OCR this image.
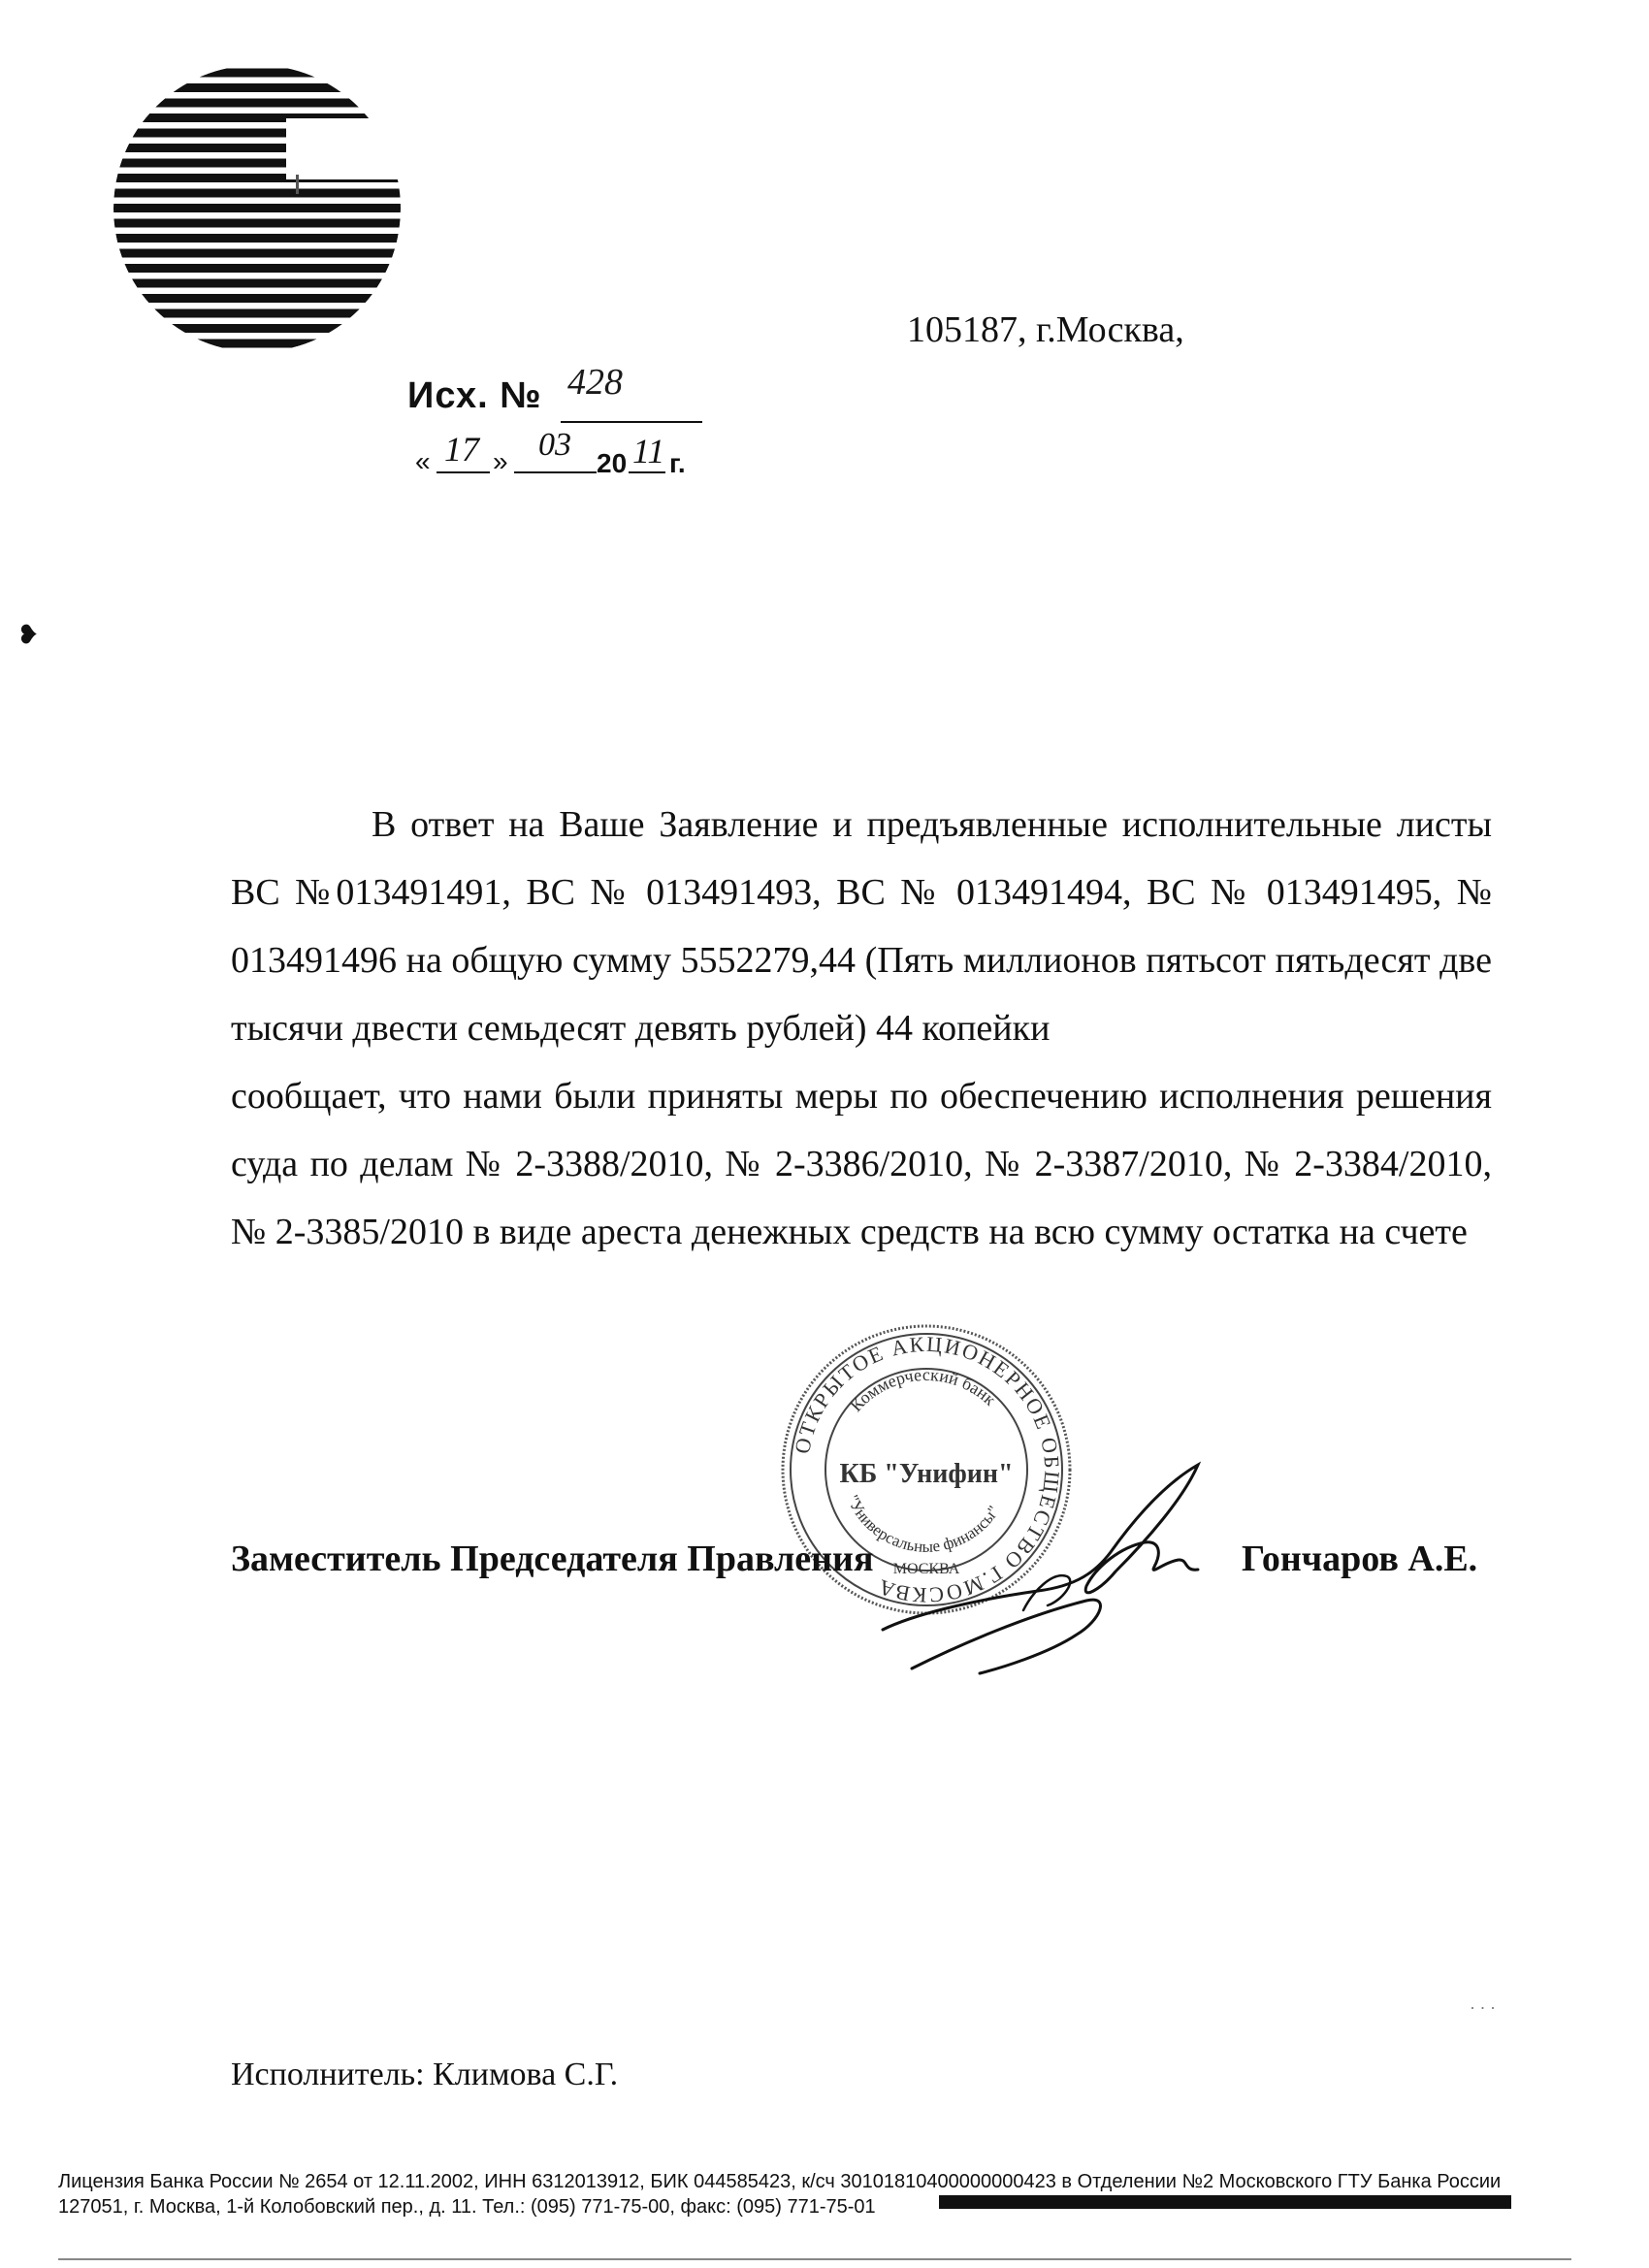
105187, г.Москва,
Исх. № 428
« 17 » 03
20 11 г.
❥

В ответ на Ваше Заявление и предъявленные исполнительные листы ВС №013491491, ВС № 013491493, ВС № 013491494, ВС № 013491495, № 013491496 на общую сумму 5552279,44 (Пять миллионов пятьсот пятьдесят две тысячи двести семьдесят девять рублей) 44 копейки

сообщает, что нами были приняты меры по обеспечению исполнения решения суда по делам № 2-3388/2010, № 2-3386/2010, № 2-3387/2010, № 2-3384/2010, № 2-3385/2010 в виде ареста денежных средств на всю сумму остатка на счете

ОТКРЫТОЕ АКЦИОНЕРНОЕ ОБЩЕСТВО Г.МОСКВА
Коммерческий банк
"Универсальные финансы"
КБ "Унифин"
МОСКВА
Заместитель Председателя Правления	Гончаров А.Е.
· · ·
Исполнитель: Климова С.Г.
Лицензия Банка России № 2654 от 12.11.2002, ИНН 6312013912, БИК 044585423, к/сч 30101810400000000423 в Отделении №2 Московского ГТУ Банка России
127051, г. Москва, 1-й Колобовский пер., д. 11. Тел.: (095) 771-75-00, факс: (095) 771-75-01
